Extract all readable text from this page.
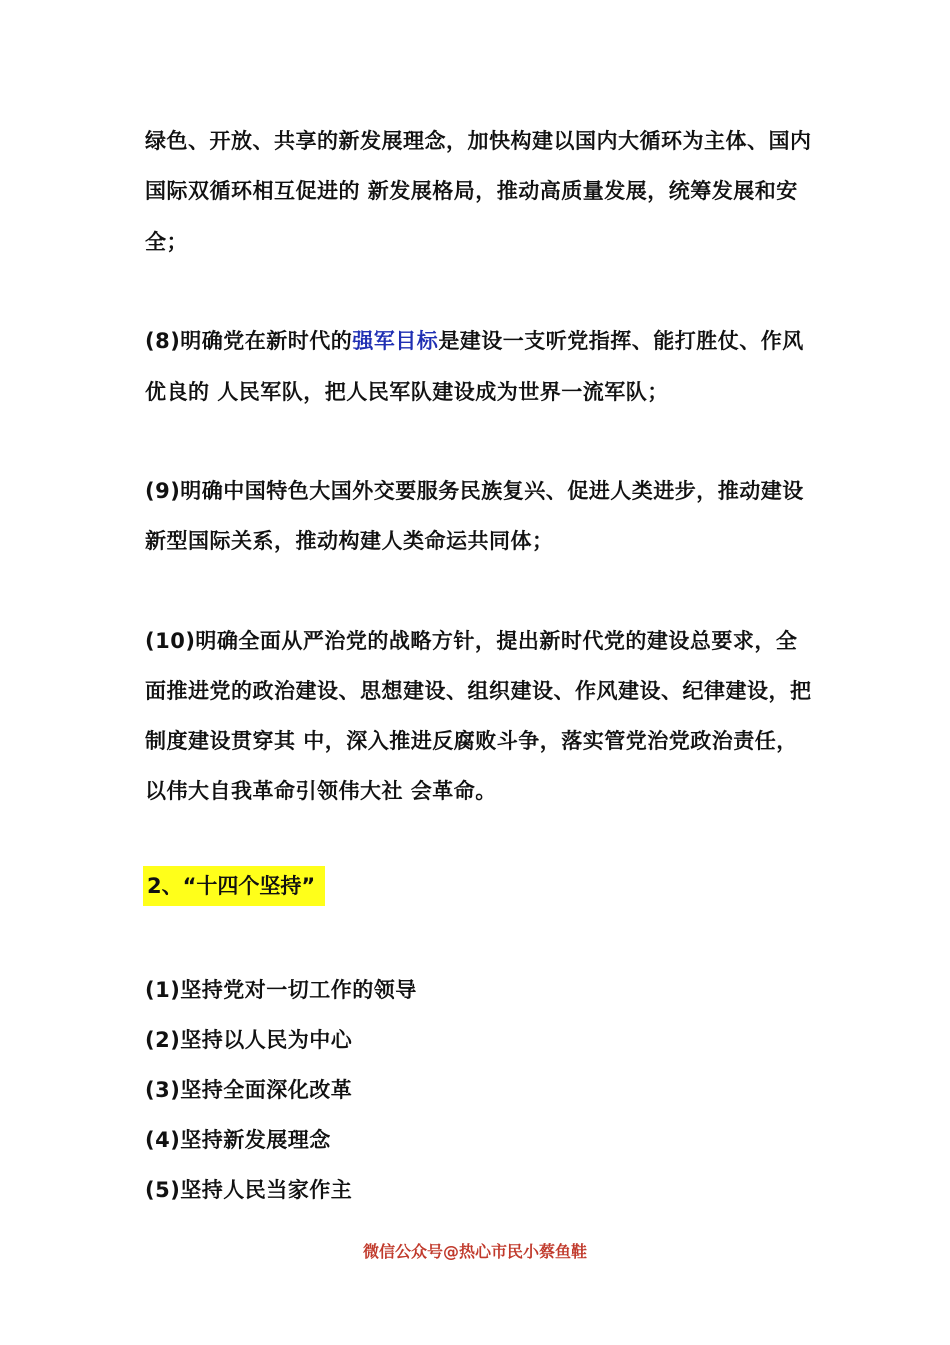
绿色、开放、共享的新发展理念，加快构建以国内大循环为主体、国内
国际双循环相互促进的 新发展格局，推动高质量发展，统筹发展和安
全；
(8)明确党在新时代的强军目标是建设一支听党指挥、能打胜仗、作风
优良的 人民军队，把人民军队建设成为世界一流军队；
(9)明确中国特色大国外交要服务民族复兴、促进人类进步，推动建设
新型国际关系，推动构建人类命运共同体；
(10)明确全面从严治党的战略方针，提出新时代党的建设总要求，全
面推进党的政治建设、思想建设、组织建设、作风建设、纪律建设，把
制度建设贯穿其 中，深入推进反腐败斗争，落实管党治党政治责任，
以伟大自我革命引领伟大社 会革命。
2、“十四个坚持”
(1)坚持党对一切工作的领导
(2)坚持以人民为中心
(3)坚持全面深化改革
(4)坚持新发展理念
(5)坚持人民当家作主
微信公众号@热心市民小蔡鱼鞋
